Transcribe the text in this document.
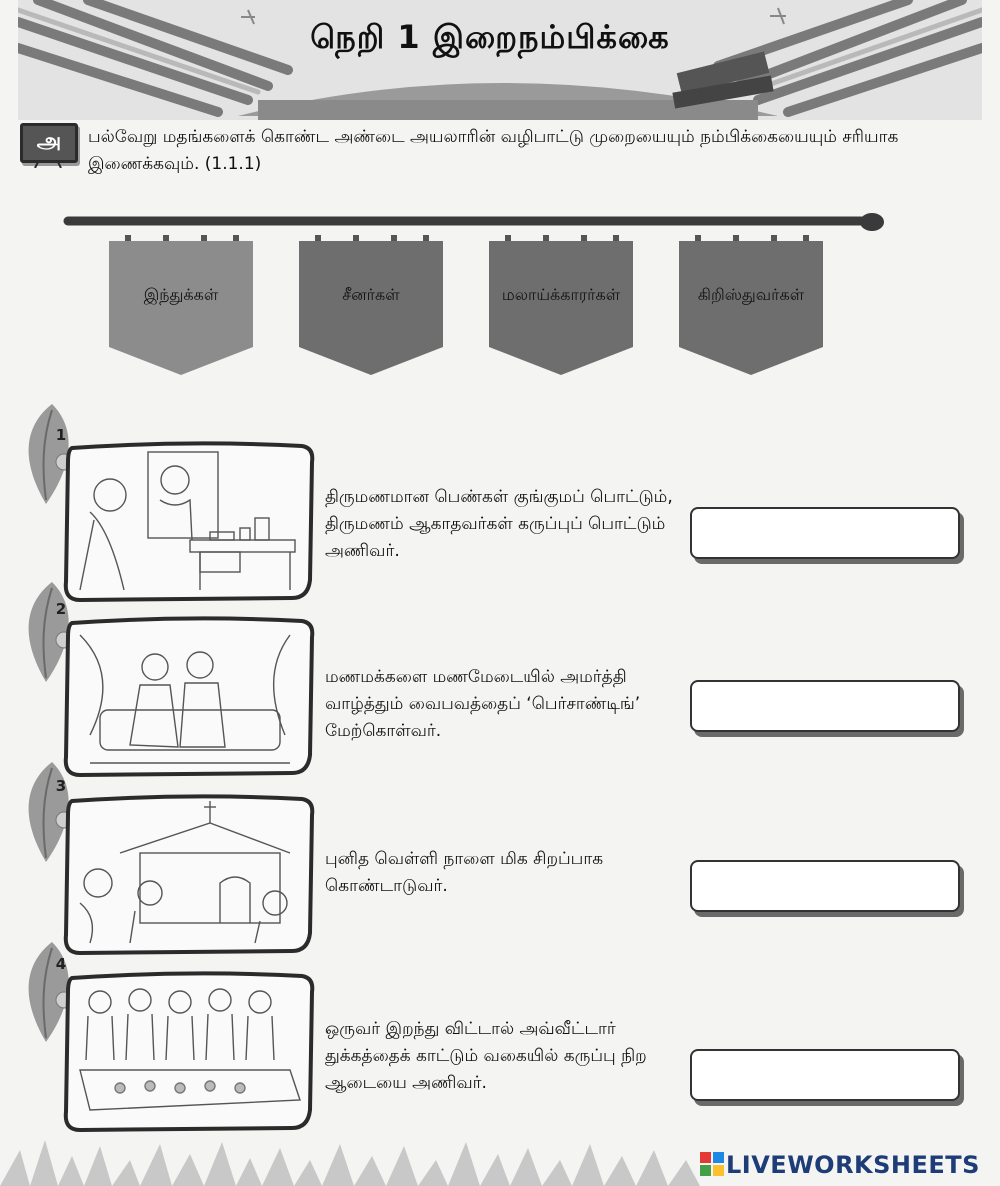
நெறி 1 இறைநம்பிக்கை
அ	பல்வேறு மதங்களைக் கொண்ட அண்டை அயலாரின் வழிபாட்டு முறையையும் நம்பிக்கையையும் சரியாக இணைக்கவும். (1.1.1)
இந்துக்கள்	சீனர்கள்	மலாய்க்காரர்கள்	கிறிஸ்துவர்கள்
1
திருமணமான பெண்கள் குங்குமப் பொட்டும், திருமணம் ஆகாதவர்கள் கருப்புப் பொட்டும் அணிவர்.
2
மணமக்களை மணமேடையில் அமர்த்தி வாழ்த்தும் வைபவத்தைப் ‘பெர்சாண்டிங்’ மேற்கொள்வர்.
3
புனித வெள்ளி நாளை மிக சிறப்பாக கொண்டாடுவர்.
4
ஒருவர் இறந்து விட்டால் அவ்வீட்டார் துக்கத்தைக் காட்டும் வகையில் கருப்பு நிற ஆடையை அணிவர்.
LIVEWORKSHEETS
